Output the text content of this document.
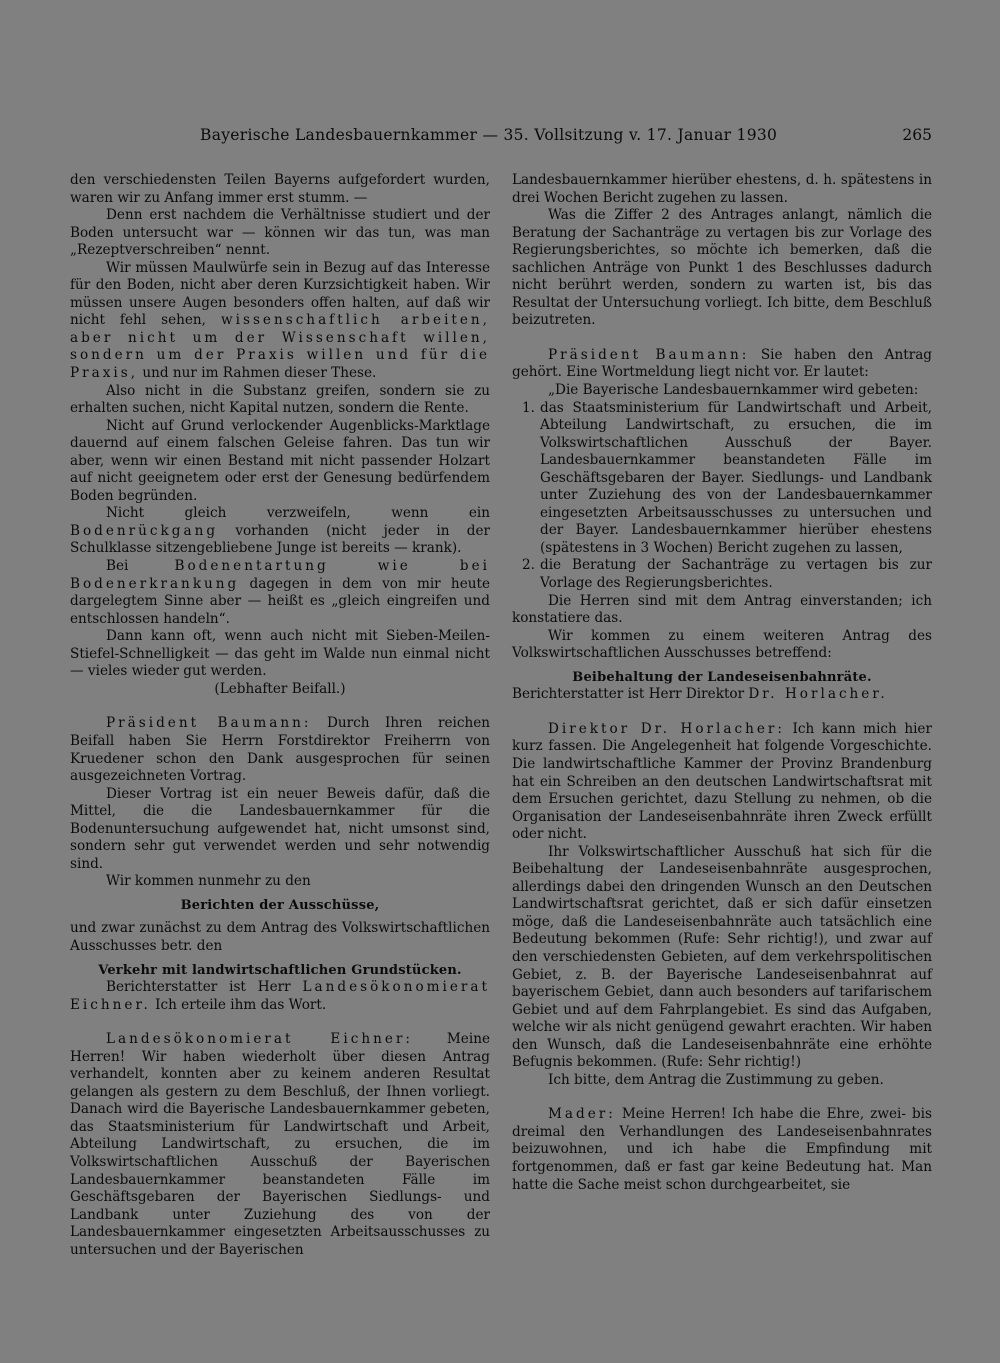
Bayerische Landesbauernkammer — 35. Vollsitzung v. 17. Januar 1930	265

den verschiedensten Teilen Bayerns aufgefordert wurden, waren wir zu Anfang immer erst stumm. —

Denn erst nachdem die Verhältnisse studiert und der Boden untersucht war — können wir das tun, was man „Rezeptverschreiben“ nennt.

Wir müssen Maulwürfe sein in Bezug auf das Interesse für den Boden, nicht aber deren Kurzsichtigkeit haben. Wir müssen unsere Augen besonders offen halten, auf daß wir nicht fehl sehen, wissenschaftlich arbeiten, aber nicht um der Wissenschaft willen, sondern um der Praxis willen und für die Praxis, und nur im Rahmen dieser These.

Also nicht in die Substanz greifen, sondern sie zu erhalten suchen, nicht Kapital nutzen, sondern die Rente.

Nicht auf Grund verlockender Augenblicks-Marktlage dauernd auf einem falschen Geleise fahren. Das tun wir aber, wenn wir einen Bestand mit nicht passender Holzart auf nicht geeignetem oder erst der Genesung bedürfendem Boden begründen.

Nicht gleich verzweifeln, wenn ein Bodenrückgang vorhanden (nicht jeder in der Schulklasse sitzengebliebene Junge ist bereits — krank).

Bei Bodenentartung wie bei Bodenerkrankung dagegen in dem von mir heute dargelegtem Sinne aber — heißt es „gleich eingreifen und entschlossen handeln“.

Dann kann oft, wenn auch nicht mit Sieben-Meilen-Stiefel-Schnelligkeit — das geht im Walde nun einmal nicht — vieles wieder gut werden.

(Lebhafter Beifall.)

Präsident Baumann: Durch Ihren reichen Beifall haben Sie Herrn Forstdirektor Freiherrn von Kruedener schon den Dank ausgesprochen für seinen ausgezeichneten Vortrag.

Dieser Vortrag ist ein neuer Beweis dafür, daß die Mittel, die die Landesbauernkammer für die Bodenuntersuchung aufgewendet hat, nicht umsonst sind, sondern sehr gut verwendet werden und sehr notwendig sind.

Wir kommen nunmehr zu den

Berichten der Ausschüsse,

und zwar zunächst zu dem Antrag des Volkswirtschaftlichen Ausschusses betr. den

Verkehr mit landwirtschaftlichen Grundstücken.

Berichterstatter ist Herr Landesökonomierat Eichner. Ich erteile ihm das Wort.

Landesökonomierat Eichner: Meine Herren! Wir haben wiederholt über diesen Antrag verhandelt, konnten aber zu keinem anderen Resultat gelangen als gestern zu dem Beschluß, der Ihnen vorliegt. Danach wird die Bayerische Landesbauernkammer gebeten, das Staatsministerium für Landwirtschaft und Arbeit, Abteilung Landwirtschaft, zu ersuchen, die im Volkswirtschaftlichen Ausschuß der Bayerischen Landesbauernkammer beanstandeten Fälle im Geschäftsgebaren der Bayerischen Siedlungs- und Landbank unter Zuziehung des von der Landesbauernkammer eingesetzten Arbeitsausschusses zu untersuchen und der Bayerischen

Landesbauernkammer hierüber ehestens, d. h. spätestens in drei Wochen Bericht zugehen zu lassen.

Was die Ziffer 2 des Antrages anlangt, nämlich die Beratung der Sachanträge zu vertagen bis zur Vorlage des Regierungsberichtes, so möchte ich bemerken, daß die sachlichen Anträge von Punkt 1 des Beschlusses dadurch nicht berührt werden, sondern zu warten ist, bis das Resultat der Untersuchung vorliegt. Ich bitte, dem Beschluß beizutreten.

Präsident Baumann: Sie haben den Antrag gehört. Eine Wortmeldung liegt nicht vor. Er lautet:

„Die Bayerische Landesbauernkammer wird gebeten:

1. das Staatsministerium für Landwirtschaft und Arbeit, Abteilung Landwirtschaft, zu ersuchen, die im Volkswirtschaftlichen Ausschuß der Bayer. Landesbauernkammer beanstandeten Fälle im Geschäftsgebaren der Bayer. Siedlungs- und Landbank unter Zuziehung des von der Landesbauernkammer eingesetzten Arbeitsausschusses zu untersuchen und der Bayer. Landesbauernkammer hierüber ehestens (spätestens in 3 Wochen) Bericht zugehen zu lassen,
2. die Beratung der Sachanträge zu vertagen bis zur Vorlage des Regierungsberichtes.

Die Herren sind mit dem Antrag einverstanden; ich konstatiere das.

Wir kommen zu einem weiteren Antrag des Volkswirtschaftlichen Ausschusses betreffend:

Beibehaltung der Landeseisenbahnräte.

Berichterstatter ist Herr Direktor Dr. Horlacher.

Direktor Dr. Horlacher: Ich kann mich hier kurz fassen. Die Angelegenheit hat folgende Vorgeschichte. Die landwirtschaftliche Kammer der Provinz Brandenburg hat ein Schreiben an den deutschen Landwirtschaftsrat mit dem Ersuchen gerichtet, dazu Stellung zu nehmen, ob die Organisation der Landeseisenbahnräte ihren Zweck erfüllt oder nicht.

Ihr Volkswirtschaftlicher Ausschuß hat sich für die Beibehaltung der Landeseisenbahnräte ausgesprochen, allerdings dabei den dringenden Wunsch an den Deutschen Landwirtschaftsrat gerichtet, daß er sich dafür einsetzen möge, daß die Landeseisenbahnräte auch tatsächlich eine Bedeutung bekommen (Rufe: Sehr richtig!), und zwar auf den verschiedensten Gebieten, auf dem verkehrspolitischen Gebiet, z. B. der Bayerische Landeseisenbahnrat auf bayerischem Gebiet, dann auch besonders auf tarifarischem Gebiet und auf dem Fahrplangebiet. Es sind das Aufgaben, welche wir als nicht genügend gewahrt erachten. Wir haben den Wunsch, daß die Landeseisenbahnräte eine erhöhte Befugnis bekommen. (Rufe: Sehr richtig!)

Ich bitte, dem Antrag die Zustimmung zu geben.

Mader: Meine Herren! Ich habe die Ehre, zwei- bis dreimal den Verhandlungen des Landeseisenbahnrates beizuwohnen, und ich habe die Empfindung mit fortgenommen, daß er fast gar keine Bedeutung hat. Man hatte die Sache meist schon durchgearbeitet, sie
